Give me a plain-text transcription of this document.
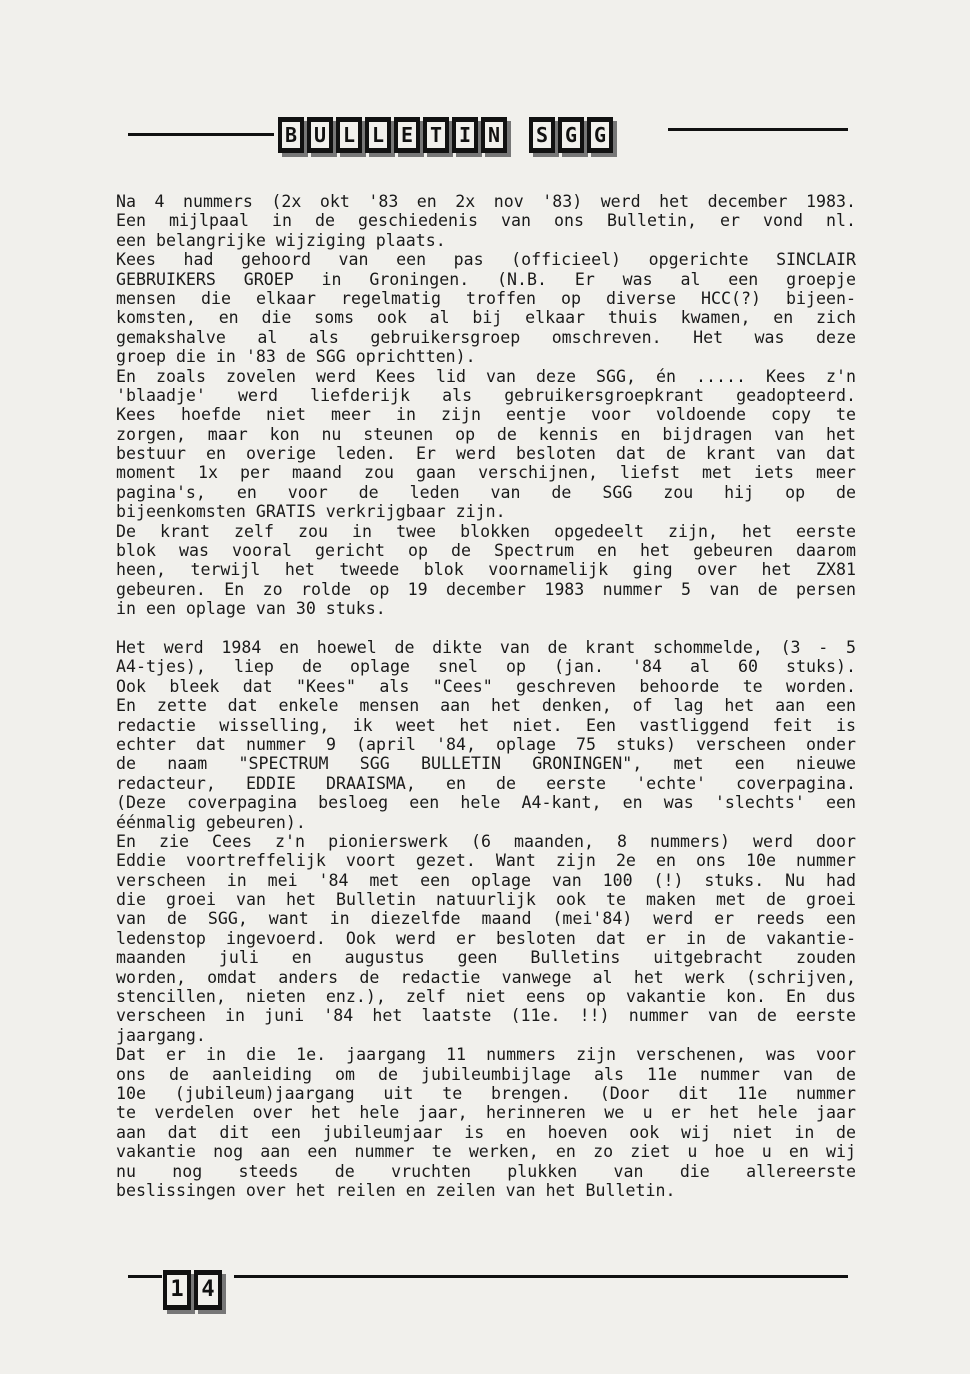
B U L L E T I N S G G
Na 4 nummers (2x okt '83 en 2x nov '83) werd het december 1983.
Een mijlpaal in de geschiedenis van ons Bulletin, er vond nl.
een belangrijke wijziging plaats.
Kees had gehoord van een pas (officieel) opgerichte SINCLAIR
GEBRUIKERS GROEP in Groningen. (N.B. Er was al een groepje
mensen die elkaar regelmatig troffen op diverse HCC(?) bijeen-
komsten, en die soms ook al bij elkaar thuis kwamen, en zich
gemakshalve al als gebruikersgroep omschreven. Het was deze
groep die in '83 de SGG oprichtten).
En zoals zovelen werd Kees lid van deze SGG, én ..... Kees z'n
'blaadje' werd liefderijk als gebruikersgroepkrant geadopteerd.
Kees hoefde niet meer in zijn eentje voor voldoende copy te
zorgen, maar kon nu steunen op de kennis en bijdragen van het
bestuur en overige leden. Er werd besloten dat de krant van dat
moment 1x per maand zou gaan verschijnen, liefst met iets meer
pagina's, en voor de leden van de SGG zou hij op de
bijeenkomsten GRATIS verkrijgbaar zijn.
De krant zelf zou in twee blokken opgedeelt zijn, het eerste
blok was vooral gericht op de Spectrum en het gebeuren daarom
heen, terwijl het tweede blok voornamelijk ging over het ZX81
gebeuren. En zo rolde op 19 december 1983 nummer 5 van de persen
in een oplage van 30 stuks.
Het werd 1984 en hoewel de dikte van de krant schommelde, (3 - 5
A4-tjes), liep de oplage snel op (jan. '84 al 60 stuks).
Ook bleek dat "Kees" als "Cees" geschreven behoorde te worden.
En zette dat enkele mensen aan het denken, of lag het aan een
redactie wisselling, ik weet het niet. Een vastliggend feit is
echter dat nummer 9 (april '84, oplage 75 stuks) verscheen onder
de naam "SPECTRUM SGG BULLETIN GRONINGEN", met een nieuwe
redacteur, EDDIE DRAAISMA, en de eerste 'echte' coverpagina.
(Deze coverpagina besloeg een hele A4-kant, en was 'slechts' een
éénmalig gebeuren).
En zie Cees z'n pionierswerk (6 maanden, 8 nummers) werd door
Eddie voortreffelijk voort gezet. Want zijn 2e en ons 10e nummer
verscheen in mei '84 met een oplage van 100 (!) stuks. Nu had
die groei van het Bulletin natuurlijk ook te maken met de groei
van de SGG, want in diezelfde maand (mei'84) werd er reeds een
ledenstop ingevoerd. Ook werd er besloten dat er in de vakantie-
maanden juli en augustus geen Bulletins uitgebracht zouden
worden, omdat anders de redactie vanwege al het werk (schrijven,
stencillen, nieten enz.), zelf niet eens op vakantie kon. En dus
verscheen in juni '84 het laatste (11e. !!) nummer van de eerste
jaargang.
Dat er in die 1e. jaargang 11 nummers zijn verschenen, was voor
ons de aanleiding om de jubileumbijlage als 11e nummer van de
10e (jubileum)jaargang uit te brengen. (Door dit 11e nummer
te verdelen over het hele jaar, herinneren we u er het hele jaar
aan dat dit een jubileumjaar is en hoeven ook wij niet in de
vakantie nog aan een nummer te werken, en zo ziet u hoe u en wij
nu nog steeds de vruchten plukken van die allereerste
beslissingen over het reilen en zeilen van het Bulletin.
1 4
